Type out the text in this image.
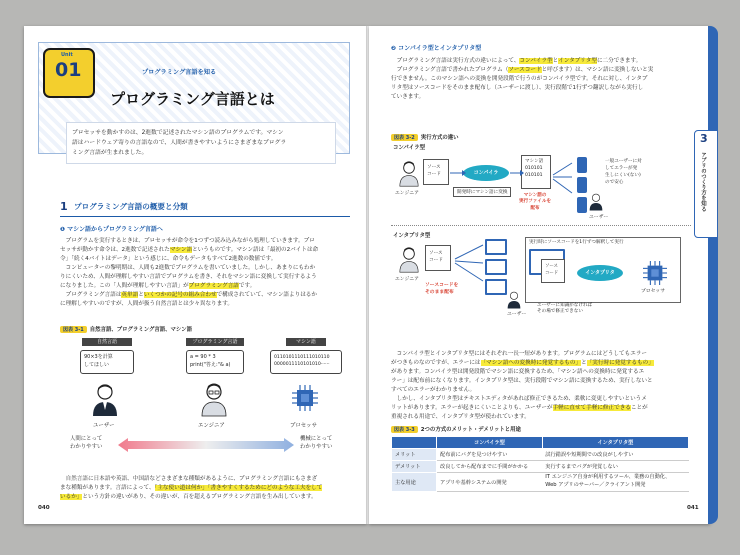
Unit
01	プログラミング言語を知る
プログラミング言語とは
プロセッサを動かすのは、2進数で記述されたマシン語のプログラムです。マシン
語はハードウェア寄りの言語なので、人間が書きやすいようにさまざまなプログラ
ミング言語が生まれました。
1 プログラミング言語の概要と分類
❶ マシン語からプログラミング言語へ
　プログラムを実行するときは、プロセッサが命令を1つずつ読み込みながら処理していきます。プロ
セッサが動かす命令は、2進数で記述されたマシン語というものです。マシン語は「最初の2バイトは命
令」「続く4バイトはデータ」という感じに、命令もデータもすべて2進数の数値です。
　コンピューターの黎明期は、人間も2進数でプログラムを書いていました。しかし、あまりにもわか
りにくいため、人間が理解しやすい言語でプログラムを書き、それをマシン語に変換して実行するよう
になりました。この「人間が理解しやすい言語」がプログラミング言語です。
　プログラミング言語は英単語といくつかの記号の組み合わせで構成されていて、マシン語よりはるか
に理解しやすいのですが、人間が扱う自然言語とは少々異なります。
図表 3-1 自然言語、プログラミング言語、マシン語
自然言語	プログラミング言語	マシン語
90×3を計算
してほしい
a = 90 * 3
print("答え:"& a)
0110101110111010110
0000011110101010······
ユーザー	エンジニア	プロセッサ
人間にとって
わかりやすい
機械にとって
わかりやすい
　自然言語に日本語や英語、中国語などさまざまな種類があるように、プログラミング言語にもさまざ
まな種類があります。言語によって、「主な使い道は何か」「書きやすくするためにどのような工夫をして
いるか」という方針の違いがあり、その違いが、百を超えるプログラミング言語を生み出しています。
040
❷ コンパイラ型とインタプリタ型
　プログラミング言語は実行方式の違いによって、コンパイラ型とインタプリタ型に二分できます。
　プログラミング言語で書かれたプログラム（ソースコードと呼びます）は、マシン語に変換しないと実
行できません。このマシン語への変換を開発段階で行うのがコンパイラ型です。それに対し、インタプ
リタ型はソースコードをそのまま配布し（ユーザーに渡し）、実行段階で1行ずつ翻訳しながら実行し
ていきます。
図表 3-2 実行方式の違い
コンパイラ型
エンジニア
ソース
コード	コンパイラ
開発時にマシン語に変換
マシン語
010101
010101
マシン語の
実行ファイルを
配布
一般ユーザーに対
してエラーが発
生しにくい(ない)
ので安心
ユーザー
インタプリタ型
エンジニア
ソース
コード
ソースコードを
そのまま配布
ユーザー
実行時にソースコードを1行ずつ解釈して実行
ソース
コード	インタプリタ
プロセッサ
ユーザーに知識がなければ
その場で修正できない
　コンパイラ型とインタプリタ型にはそれぞれ一長一短があります。プログラムにはどうしてもエラー
がつきものなのですが、エラーには「マシン語への変換時に発覚するもの」と「実行時に発覚するもの」
があります。コンパイラ型は開発段階でマシン語に変換するため、「マシン語への変換時に発覚するエ
ラー」は配布前になくなります。インタプリタ型は、実行段階でマシン語に変換するため、実行しないと
すべてのエラーがわかりません。
　しかし、インタプリタ型はテキストエディタがあれば修正できるため、柔軟に変更しやすいというメ
リットがあります。エラーが起きにくいことよりも、ユーザーが手軽に直せて手軽に修正できることが
重視される用途で、インタプリタ型が使われています。
図表 3-3 2つの方式のメリット・デメリットと用途
	コンパイラ型	インタプリタ型
メリット	配布前にバグを見つけやすい	試行錯誤や短期間での改良がしやすい
デメリット	改良してから配布までに手間がかかる	実行するまでバグが発覚しない
主な用途	アプリや基幹システムの開発	IT エンジニア自身が利用するツール、業務の自動化、
Web アプリのサーバー／クライアント開発
041
3
アプリのつくり方を知る
